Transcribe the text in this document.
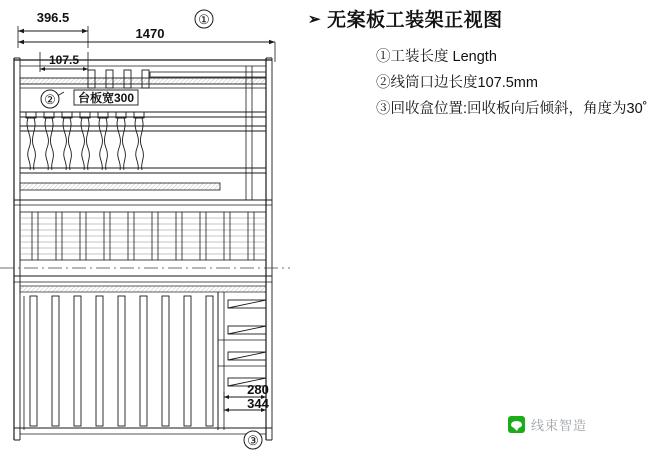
396.5
1470
107.5
台板宽300
280
344
①
②
③
➢ 无案板工装架正视图
①工装长度 Length
②线筒口边长度107.5mm
③回收盒位置:回收板向后倾斜，角度为30˚
线束智造
